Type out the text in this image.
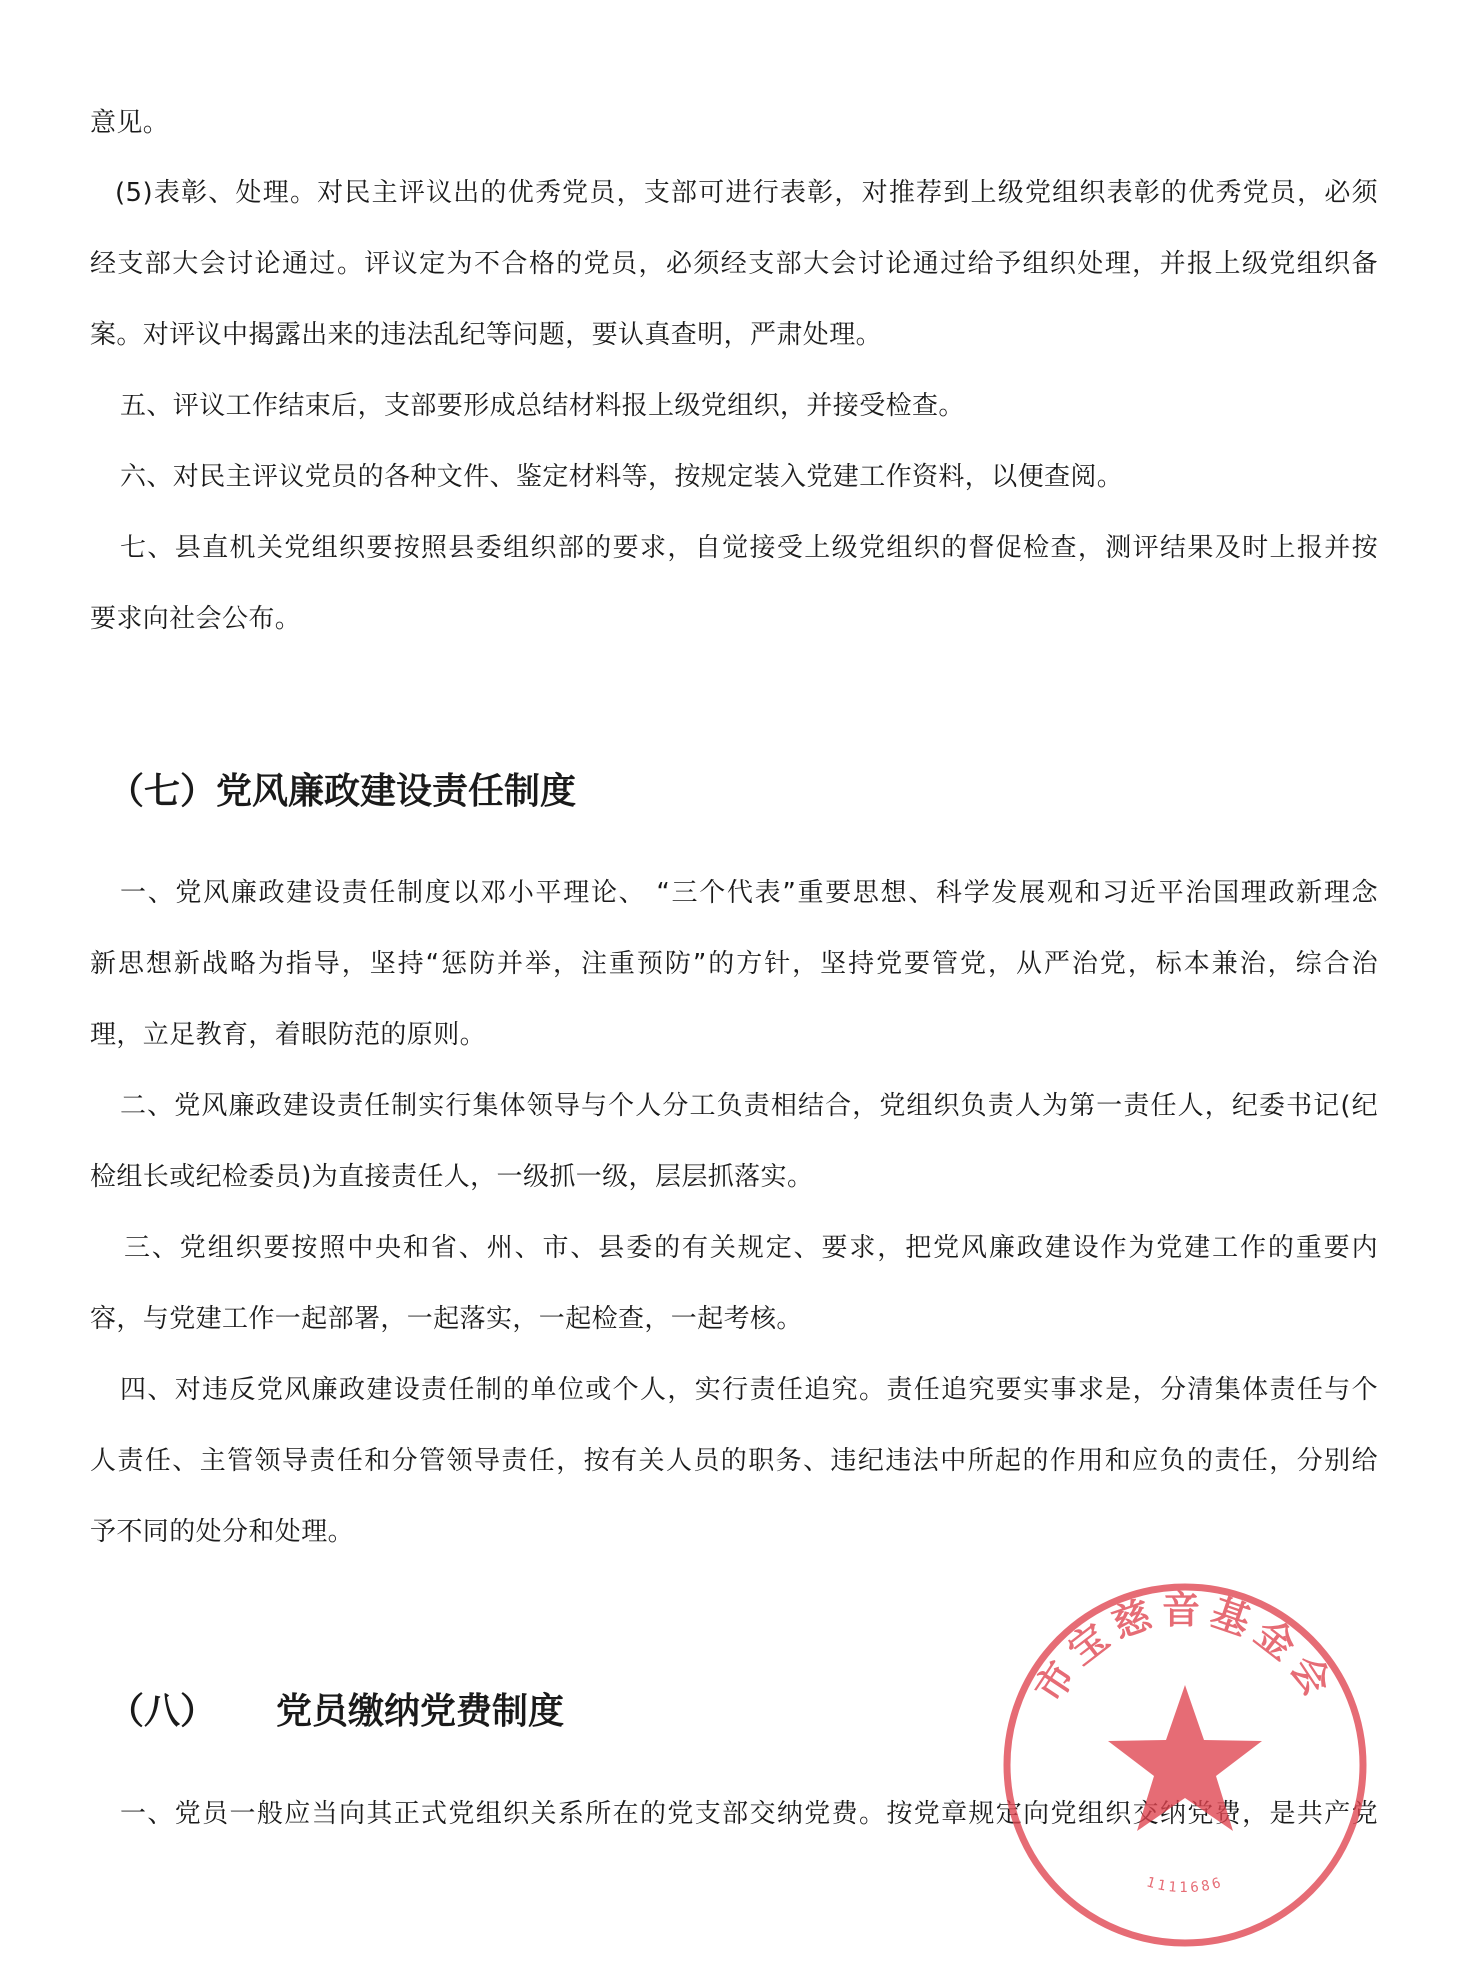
意见。
(5)表彰、处理。对民主评议出的优秀党员，支部可进行表彰，对推荐到上级党组织表彰的优秀党员，必须
经支部大会讨论通过。评议定为不合格的党员，必须经支部大会讨论通过给予组织处理，并报上级党组织备
案。对评议中揭露出来的违法乱纪等问题，要认真查明，严肃处理。
五、评议工作结束后，支部要形成总结材料报上级党组织，并接受检查。
六、对民主评议党员的各种文件、鉴定材料等，按规定装入党建工作资料，以便查阅。
七、县直机关党组织要按照县委组织部的要求，自觉接受上级党组织的督促检查，测评结果及时上报并按
要求向社会公布。
（七）党风廉政建设责任制度
一、党风廉政建设责任制度以邓小平理论、 “三个代表”重要思想、科学发展观和习近平治国理政新理念
新思想新战略为指导，坚持“惩防并举，注重预防”的方针，坚持党要管党，从严治党，标本兼治，综合治
理，立足教育，着眼防范的原则。
二、党风廉政建设责任制实行集体领导与个人分工负责相结合，党组织负责人为第一责任人，纪委书记(纪
检组长或纪检委员)为直接责任人，一级抓一级，层层抓落实。
三、党组织要按照中央和省、州、市、县委的有关规定、要求，把党风廉政建设作为党建工作的重要内
容，与党建工作一起部署，一起落实，一起检查，一起考核。
四、对违反党风廉政建设责任制的单位或个人，实行责任追究。责任追究要实事求是，分清集体责任与个
人责任、主管领导责任和分管领导责任，按有关人员的职务、违纪违法中所起的作用和应负的责任，分别给
予不同的处分和处理。
（八） 党员缴纳党费制度
一、党员一般应当向其正式党组织关系所在的党支部交纳党费。按党章规定向党组织交纳党费，是共产党
市宝慈音基金会
1111686
